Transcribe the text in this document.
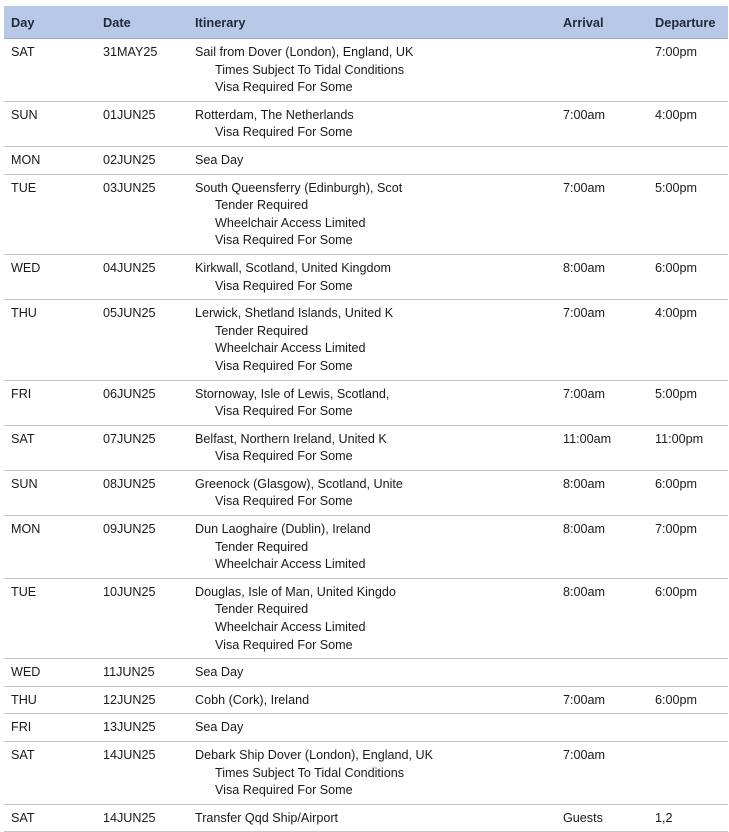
Day	Date	Itinerary	Arrival	Departure
SAT	31MAY25	Sail from Dover (London), England, UK
Times Subject To Tidal Conditions
Visa Required For Some		7:00pm
SUN	01JUN25	Rotterdam, The Netherlands
Visa Required For Some	7:00am	4:00pm
MON	02JUN25	Sea Day		

TUE	03JUN25	South Queensferry (Edinburgh), Scot
Tender Required
Wheelchair Access Limited
Visa Required For Some	7:00am	5:00pm
WED	04JUN25	Kirkwall, Scotland, United Kingdom
Visa Required For Some	8:00am	6:00pm
THU	05JUN25	Lerwick, Shetland Islands, United K
Tender Required
Wheelchair Access Limited
Visa Required For Some	7:00am	4:00pm
FRI	06JUN25	Stornoway, Isle of Lewis, Scotland,
Visa Required For Some	7:00am	5:00pm
SAT	07JUN25	Belfast, Northern Ireland, United K
Visa Required For Some	11:00am	11:00pm
SUN	08JUN25	Greenock (Glasgow), Scotland, Unite
Visa Required For Some	8:00am	6:00pm
MON	09JUN25	Dun Laoghaire (Dublin), Ireland
Tender Required
Wheelchair Access Limited	8:00am	7:00pm
TUE	10JUN25	Douglas, Isle of Man, United Kingdo
Tender Required
Wheelchair Access Limited
Visa Required For Some	8:00am	6:00pm
WED	11JUN25	Sea Day		

THU	12JUN25	Cobh (Cork), Ireland	7:00am	6:00pm
FRI	13JUN25	Sea Day		

SAT	14JUN25	Debark Ship Dover (London), England, UK
Times Subject To Tidal Conditions
Visa Required For Some	7:00am	
SAT	14JUN25	Transfer Qqd Ship/Airport	Guests	1,2
